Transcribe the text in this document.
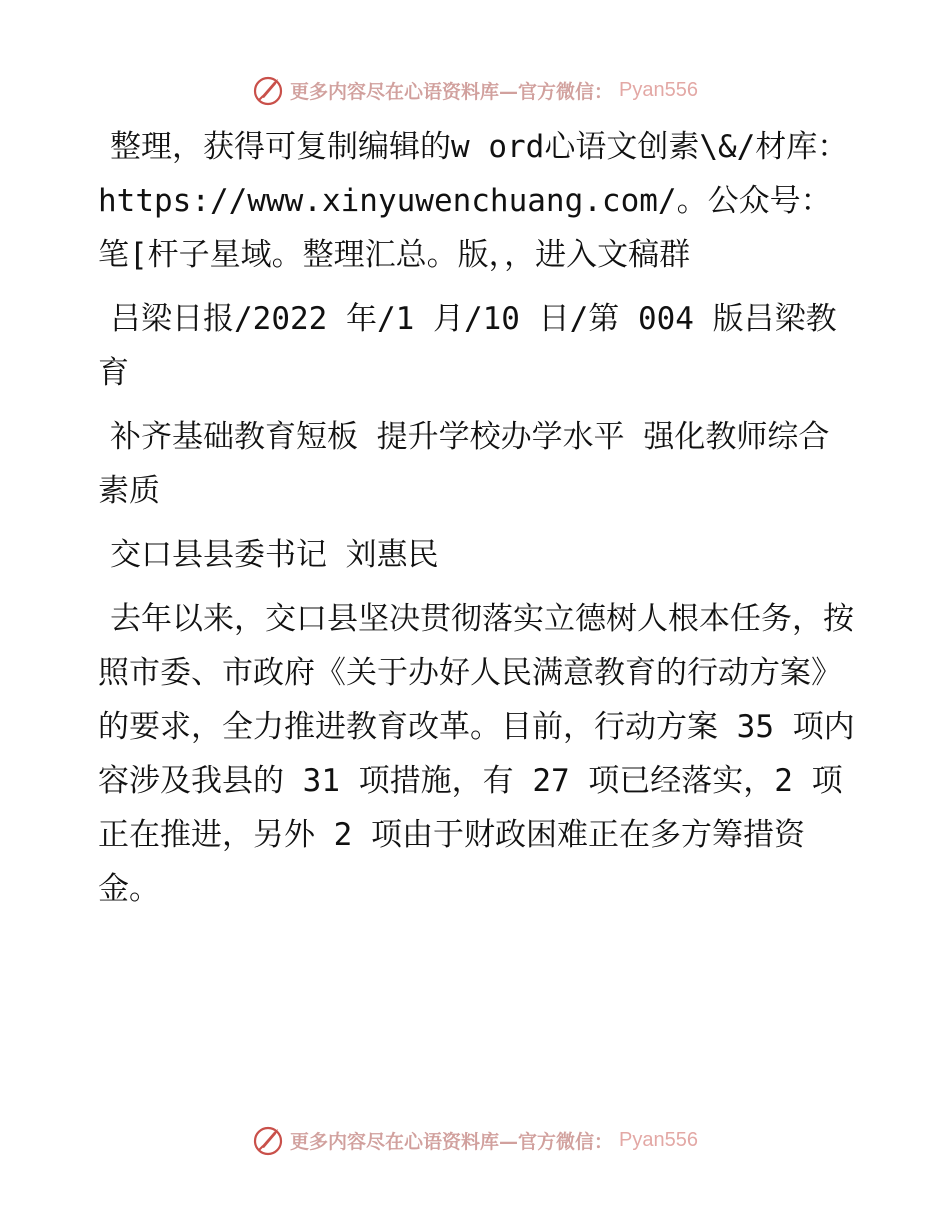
更多内容尽在心语资料库—官方微信： Pyan556

整理，获得可复制编辑的w ord心语文创素\&/材库：https://www.xinyuwenchuang.com/。公众号：笔[杆子星域。整理汇总。版，，进入文稿群

吕梁日报/2022 年/1 月/10 日/第 004 版吕梁教育

补齐基础教育短板 提升学校办学水平 强化教师综合素质

交口县县委书记 刘惠民

去年以来，交口县坚决贯彻落实立德树人根本任务，按照市委、市政府《关于办好人民满意教育的行动方案》的要求，全力推进教育改革。目前，行动方案 35 项内容涉及我县的 31 项措施，有 27 项已经落实，2 项正在推进，另外 2 项由于财政困难正在多方筹措资金。

更多内容尽在心语资料库—官方微信： Pyan556
